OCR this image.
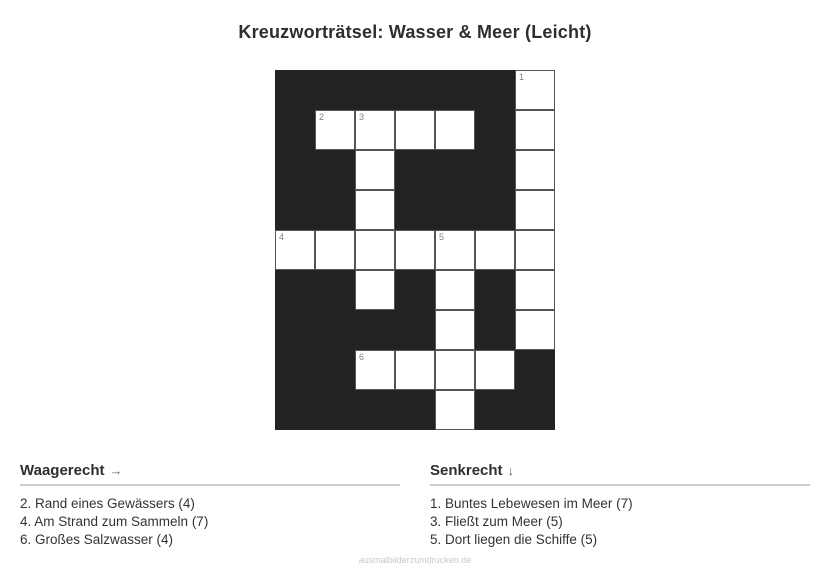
Kreuzworträtsel: Wasser & Meer (Leicht)
1
2	3
4	5
6
Waagerecht →
2. Rand eines Gewässers (4)
4. Am Strand zum Sammeln (7)
6. Großes Salzwasser (4)
Senkrecht ↓
1. Buntes Lebewesen im Meer (7)
3. Fließt zum Meer (5)
5. Dort liegen die Schiffe (5)
ausmalbilderzumdrucken.de
